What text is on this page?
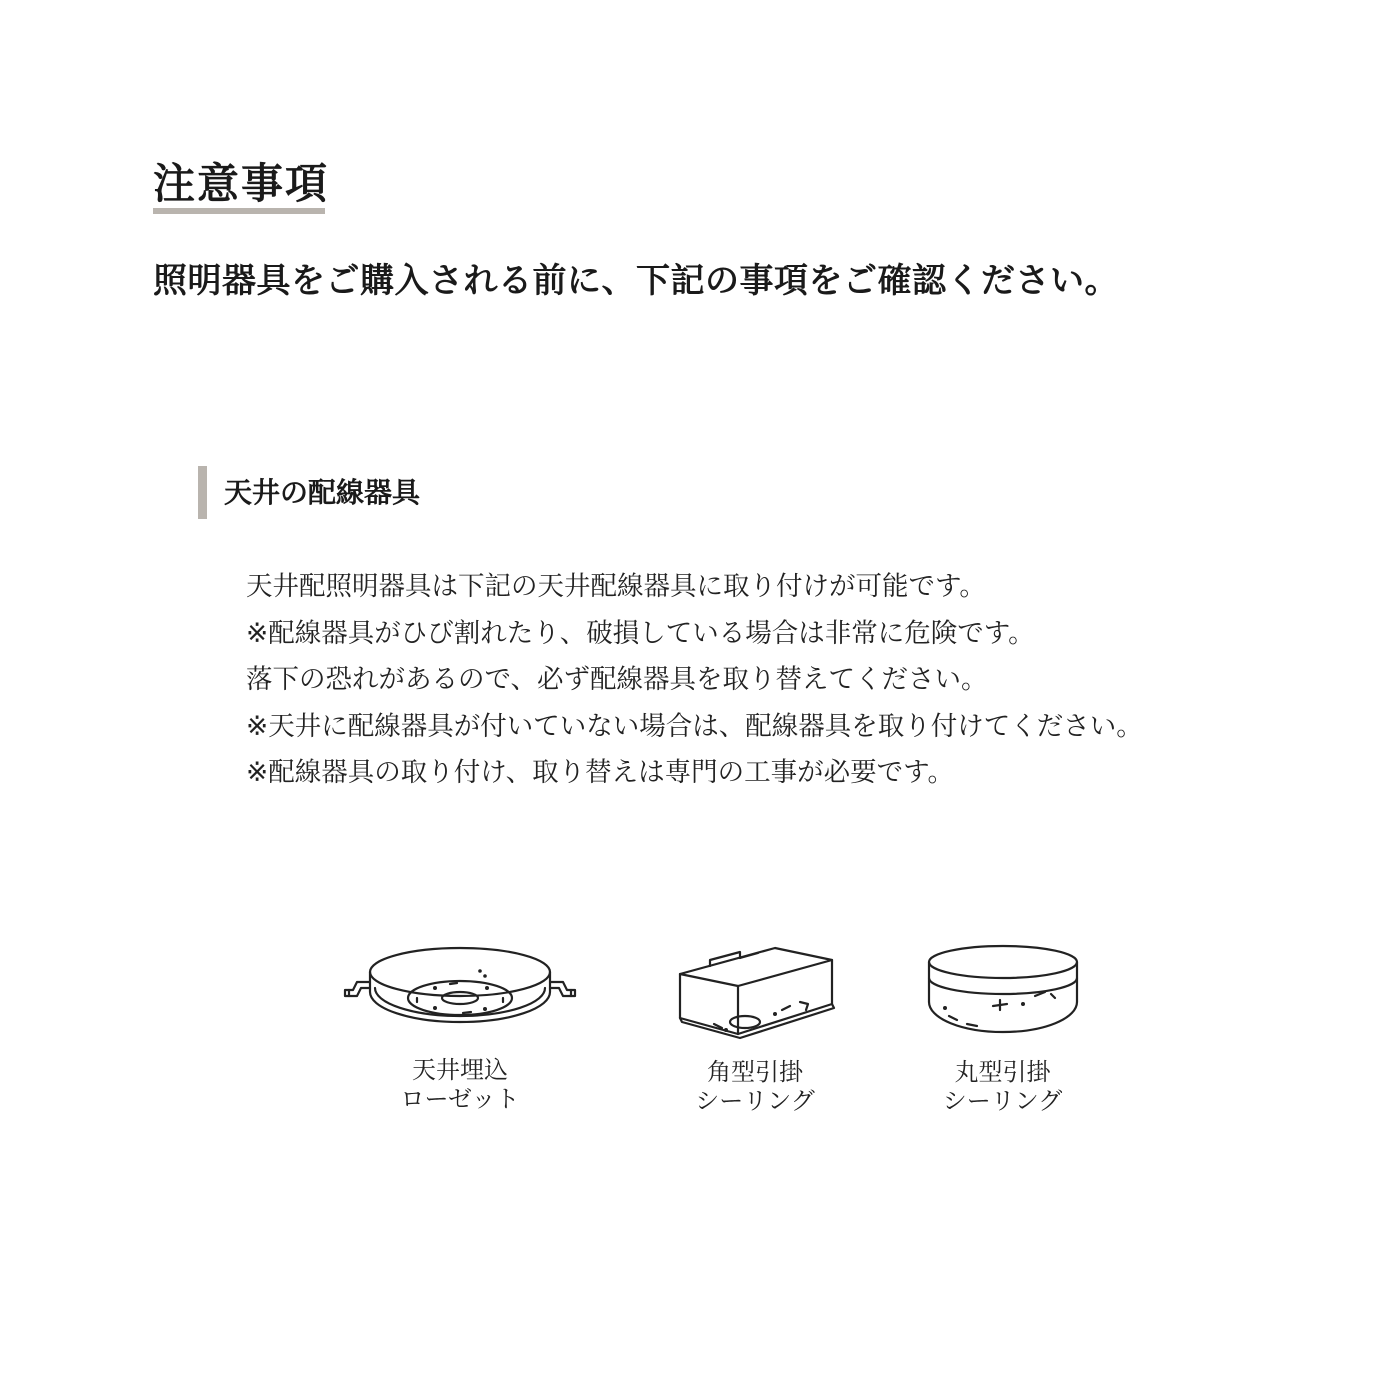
注意事項
照明器具をご購入される前に、下記の事項をご確認ください。
天井の配線器具
天井配照明器具は下記の天井配線器具に取り付けが可能です。
※配線器具がひび割れたり、破損している場合は非常に危険です。
落下の恐れがあるので、必ず配線器具を取り替えてください。
※天井に配線器具が付いていない場合は、配線器具を取り付けてください。
※配線器具の取り付け、取り替えは専門の工事が必要です。
天井埋込
ローゼット
角型引掛
シーリング
丸型引掛
シーリング
